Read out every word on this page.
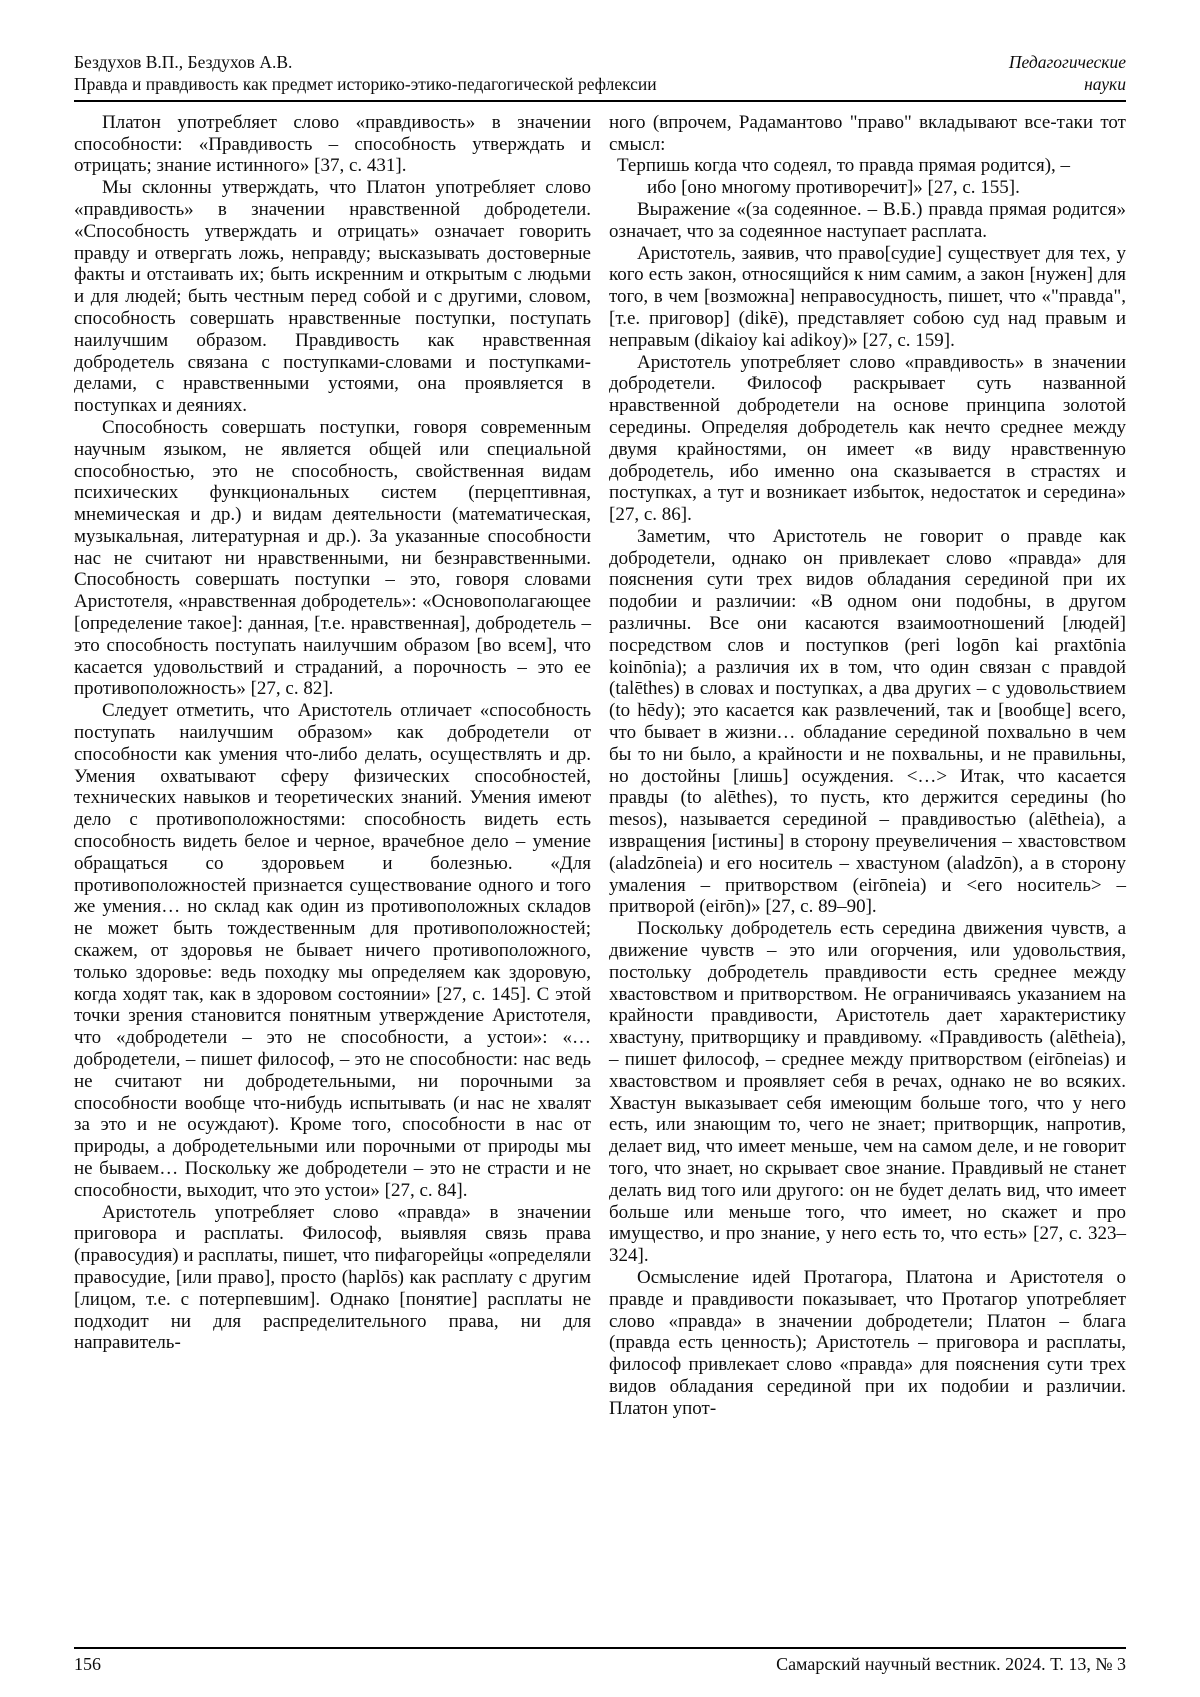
Бездухов В.П., Бездухов А.В.	Педагогические
Правда и правдивость как предмет историко-этико-педагогической рефлексии	науки

Платон употребляет слово «правдивость» в значении способности: «Правдивость – способность утверждать и отрицать; знание истинного» [37, с. 431].

Мы склонны утверждать, что Платон употребляет слово «правдивость» в значении нравственной добродетели. «Способность утверждать и отрицать» означает говорить правду и отвергать ложь, неправду; высказывать достоверные факты и отстаивать их; быть искренним и открытым с людьми и для людей; быть честным перед собой и с другими, словом, способность совершать нравственные поступки, поступать наилучшим образом. Правдивость как нравственная добродетель связана с поступками-словами и поступками-делами, с нравственными устоями, она проявляется в поступках и деяниях.

Способность совершать поступки, говоря современным научным языком, не является общей или специальной способностью, это не способность, свойственная видам психических функциональных систем (перцептивная, мнемическая и др.) и видам деятельности (математическая, музыкальная, литературная и др.). За указанные способности нас не считают ни нравственными, ни безнравственными. Способность совершать поступки – это, говоря словами Аристотеля, «нравственная добродетель»: «Основополагающее [определение такое]: данная, [т.е. нравственная], добродетель – это способность поступать наилучшим образом [во всем], что касается удовольствий и страданий, а порочность – это ее противоположность» [27, с. 82].

Следует отметить, что Аристотель отличает «способность поступать наилучшим образом» как добродетели от способности как умения что-либо делать, осуществлять и др. Умения охватывают сферу физических способностей, технических навыков и теоретических знаний. Умения имеют дело с противоположностями: способность видеть есть способность видеть белое и черное, врачебное дело – умение обращаться со здоровьем и болезнью. «Для противоположностей признается существование одного и того же умения… но склад как один из противоположных складов не может быть тождественным для противоположностей; скажем, от здоровья не бывает ничего противоположного, только здоровье: ведь походку мы определяем как здоровую, когда ходят так, как в здоровом состоянии» [27, с. 145]. С этой точки зрения становится понятным утверждение Аристотеля, что «добродетели – это не способности, а устои»: «…добродетели, – пишет философ, – это не способности: нас ведь не считают ни добродетельными, ни порочными за способности вообще что-нибудь испытывать (и нас не хвалят за это и не осуждают). Кроме того, способности в нас от природы, а добродетельными или порочными от природы мы не бываем… Поскольку же добродетели – это не страсти и не способности, выходит, что это устои» [27, с. 84].

Аристотель употребляет слово «правда» в значении приговора и расплаты. Философ, выявляя связь права (правосудия) и расплаты, пишет, что пифагорейцы «определяли правосудие, [или право], просто (haplōs) как расплату с другим [лицом, т.е. с потерпевшим]. Однако [понятие] расплаты не подходит ни для распределительного права, ни для направитель-

ного (впрочем, Радамантово "право" вкладывают все-таки тот смысл:

Терпишь когда что содеял, то правда прямая родится), –

ибо [оно многому противоречит]» [27, с. 155].

Выражение «(за содеянное. – В.Б.) правда прямая родится» означает, что за содеянное наступает расплата.

Аристотель, заявив, что право[судие] существует для тех, у кого есть закон, относящийся к ним самим, а закон [нужен] для того, в чем [возможна] неправосудность, пишет, что «"правда", [т.е. приговор] (dikē), представляет собою суд над правым и неправым (dikaioy kai adikoy)» [27, с. 159].

Аристотель употребляет слово «правдивость» в значении добродетели. Философ раскрывает суть названной нравственной добродетели на основе принципа золотой середины. Определяя добродетель как нечто среднее между двумя крайностями, он имеет «в виду нравственную добродетель, ибо именно она сказывается в страстях и поступках, а тут и возникает избыток, недостаток и середина» [27, с. 86].

Заметим, что Аристотель не говорит о правде как добродетели, однако он привлекает слово «правда» для пояснения сути трех видов обладания серединой при их подобии и различии: «В одном они подобны, в другом различны. Все они касаются взаимоотношений [людей] посредством слов и поступков (peri logōn kai praxtōnia koinōnia); а различия их в том, что один связан с правдой (talēthes) в словах и поступках, а два других – с удовольствием (to hēdy); это касается как развлечений, так и [вообще] всего, что бывает в жизни… обладание серединой похвально в чем бы то ни было, а крайности и не похвальны, и не правильны, но достойны [лишь] осуждения. <…> Итак, что касается правды (to alēthes), то пусть, кто держится середины (ho mesos), называется серединой – правдивостью (alētheia), а извращения [истины] в сторону преувеличения – хвастовством (aladzōneia) и его носитель – хвастуном (aladzōn), а в сторону умаления – притворством (eirōneia) и <его носитель> – притворой (eirōn)» [27, с. 89–90].

Поскольку добродетель есть середина движения чувств, а движение чувств – это или огорчения, или удовольствия, постольку добродетель правдивости есть среднее между хвастовством и притворством. Не ограничиваясь указанием на крайности правдивости, Аристотель дает характеристику хвастуну, притворщику и правдивому. «Правдивость (alētheia), – пишет философ, – среднее между притворством (eirōneias) и хвастовством и проявляет себя в речах, однако не во всяких. Хвастун выказывает себя имеющим больше того, что у него есть, или знающим то, чего не знает; притворщик, напротив, делает вид, что имеет меньше, чем на самом деле, и не говорит того, что знает, но скрывает свое знание. Правдивый не станет делать вид того или другого: он не будет делать вид, что имеет больше или меньше того, что имеет, но скажет и про имущество, и про знание, у него есть то, что есть» [27, с. 323–324].

Осмысление идей Протагора, Платона и Аристотеля о правде и правдивости показывает, что Протагор употребляет слово «правда» в значении добродетели; Платон – блага (правда есть ценность); Аристотель – приговора и расплаты, философ привлекает слово «правда» для пояснения сути трех видов обладания серединой при их подобии и различии. Платон упот-

156	Самарский научный вестник. 2024. Т. 13, № 3
